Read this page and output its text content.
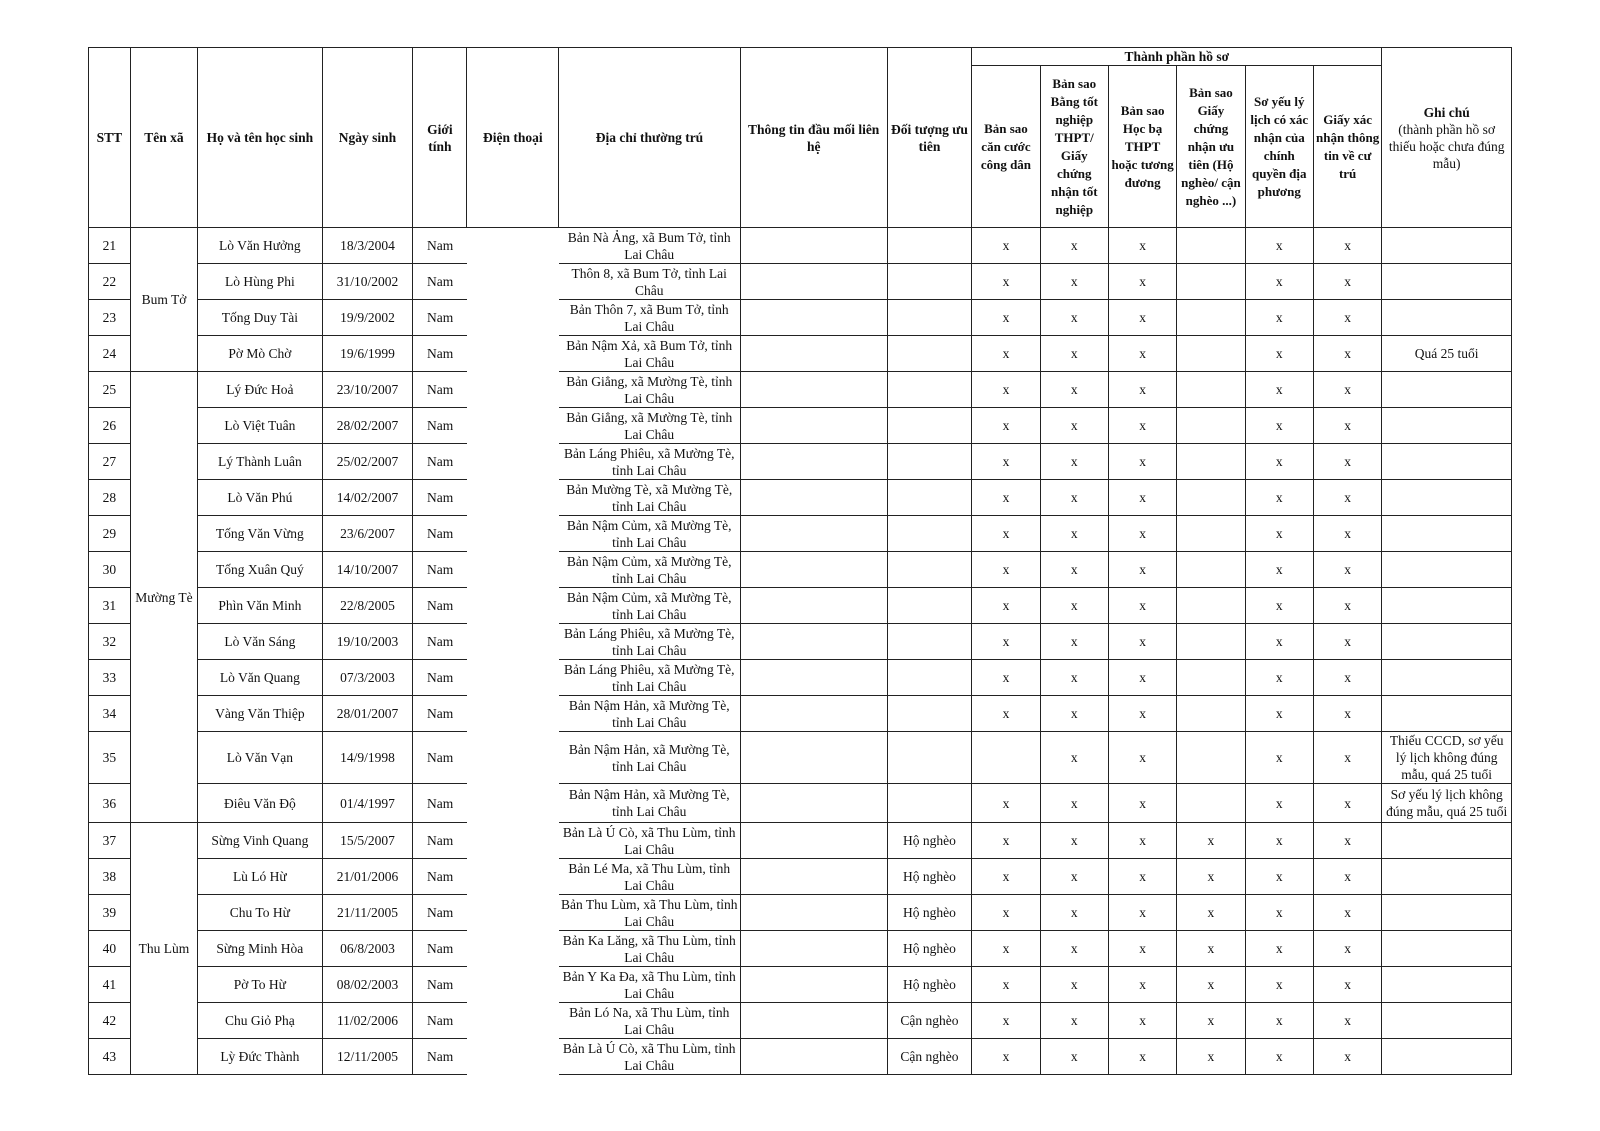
STT	Tên xã	Họ và tên học sinh	Ngày sinh	Giới tính	Điện thoại	Địa chỉ thường trú	Thông tin đầu mối liên hệ	Đối tượng ưu tiên	Thành phần hồ sơ						Ghi chú
(thành phần hồ sơ thiếu hoặc chưa đúng mẫu)

									Bản sao căn cước công dân	Bản sao Bằng tốt nghiệp THPT/ Giấy chứng nhận tốt nghiệp	Bản sao Học bạ THPT hoặc tương đương	Bản sao Giấy chứng nhận ưu tiên (Hộ nghèo/ cận nghèo ...)	Sơ yếu lý lịch có xác nhận của chính quyền địa phương	Giấy xác nhận thông tin về cư trú	
21	Bum Tở	Lò Văn Hưởng	18/3/2004	Nam		Bản Nà Ảng, xã Bum Tở, tỉnh Lai Châu			x	x	x		x	x	
22		Lò Hùng Phi	31/10/2002	Nam		Thôn 8, xã Bum Tở, tỉnh Lai Châu			x	x	x		x	x	
23		Tống Duy Tài	19/9/2002	Nam		Bản Thôn 7, xã Bum Tở, tỉnh Lai Châu			x	x	x		x	x	
24		Pờ Mò Chờ	19/6/1999	Nam		Bản Nậm Xả, xã Bum Tở, tỉnh Lai Châu			x	x	x		x	x	Quá 25 tuổi
25	Mường Tè	Lý Đức Hoả	23/10/2007	Nam		Bản Giẳng, xã Mường Tè, tỉnh Lai Châu			x	x	x		x	x	
26		Lò Việt Tuân	28/02/2007	Nam		Bản Giẳng, xã Mường Tè, tỉnh Lai Châu			x	x	x		x	x	
27		Lý Thành Luân	25/02/2007	Nam		Bản Láng Phiêu, xã Mường Tè, tỉnh Lai Châu			x	x	x		x	x	
28		Lò Văn Phú	14/02/2007	Nam		Bản Mường Tè, xã Mường Tè, tỉnh Lai Châu			x	x	x		x	x	
29		Tống Văn Vừng	23/6/2007	Nam		Bản Nậm Củm, xã Mường Tè, tỉnh Lai Châu			x	x	x		x	x	
30		Tống Xuân Quý	14/10/2007	Nam		Bản Nậm Củm, xã Mường Tè, tỉnh Lai Châu			x	x	x		x	x	
31		Phìn Văn Minh	22/8/2005	Nam		Bản Nậm Củm, xã Mường Tè, tỉnh Lai Châu			x	x	x		x	x	
32		Lò Văn Sáng	19/10/2003	Nam		Bản Láng Phiêu, xã Mường Tè, tỉnh Lai Châu			x	x	x		x	x	
33		Lò Văn Quang	07/3/2003	Nam		Bản Láng Phiêu, xã Mường Tè, tỉnh Lai Châu			x	x	x		x	x	
34		Vàng Văn Thiệp	28/01/2007	Nam		Bản Nậm Hản, xã Mường Tè, tỉnh Lai Châu			x	x	x		x	x	
35		Lò Văn Vạn	14/9/1998	Nam		Bản Nậm Hản, xã Mường Tè, tỉnh Lai Châu				x	x		x	x	Thiếu CCCD, sơ yếu lý lịch không đúng mẫu, quá 25 tuổi
36		Điêu Văn Độ	01/4/1997	Nam		Bản Nậm Hản, xã Mường Tè, tỉnh Lai Châu			x	x	x		x	x	Sơ yếu lý lịch không đúng mẫu, quá 25 tuổi
37	Thu Lùm	Sừng Vinh Quang	15/5/2007	Nam		Bản Là Ú Cò, xã Thu Lùm, tỉnh Lai Châu		Hộ nghèo	x	x	x	x	x	x	
38		Lù Ló Hừ	21/01/2006	Nam		Bản Lé Ma, xã Thu Lùm, tỉnh Lai Châu		Hộ nghèo	x	x	x	x	x	x	
39		Chu To Hừ	21/11/2005	Nam		Bản Thu Lùm, xã Thu Lùm, tỉnh Lai Châu		Hộ nghèo	x	x	x	x	x	x	
40		Sừng Minh Hòa	06/8/2003	Nam		Bản Ka Lăng, xã Thu Lùm, tỉnh Lai Châu		Hộ nghèo	x	x	x	x	x	x	
41		Pờ To Hừ	08/02/2003	Nam		Bản Y Ka Đa, xã Thu Lùm, tỉnh Lai Châu		Hộ nghèo	x	x	x	x	x	x	
42		Chu Giỏ Phạ	11/02/2006	Nam		Bản Ló Na, xã Thu Lùm, tỉnh Lai Châu		Cận nghèo	x	x	x	x	x	x	
43		Lỳ Đức Thành	12/11/2005	Nam		Bản Là Ú Cò, xã Thu Lùm, tỉnh Lai Châu		Cận nghèo	x	x	x	x	x	x	
